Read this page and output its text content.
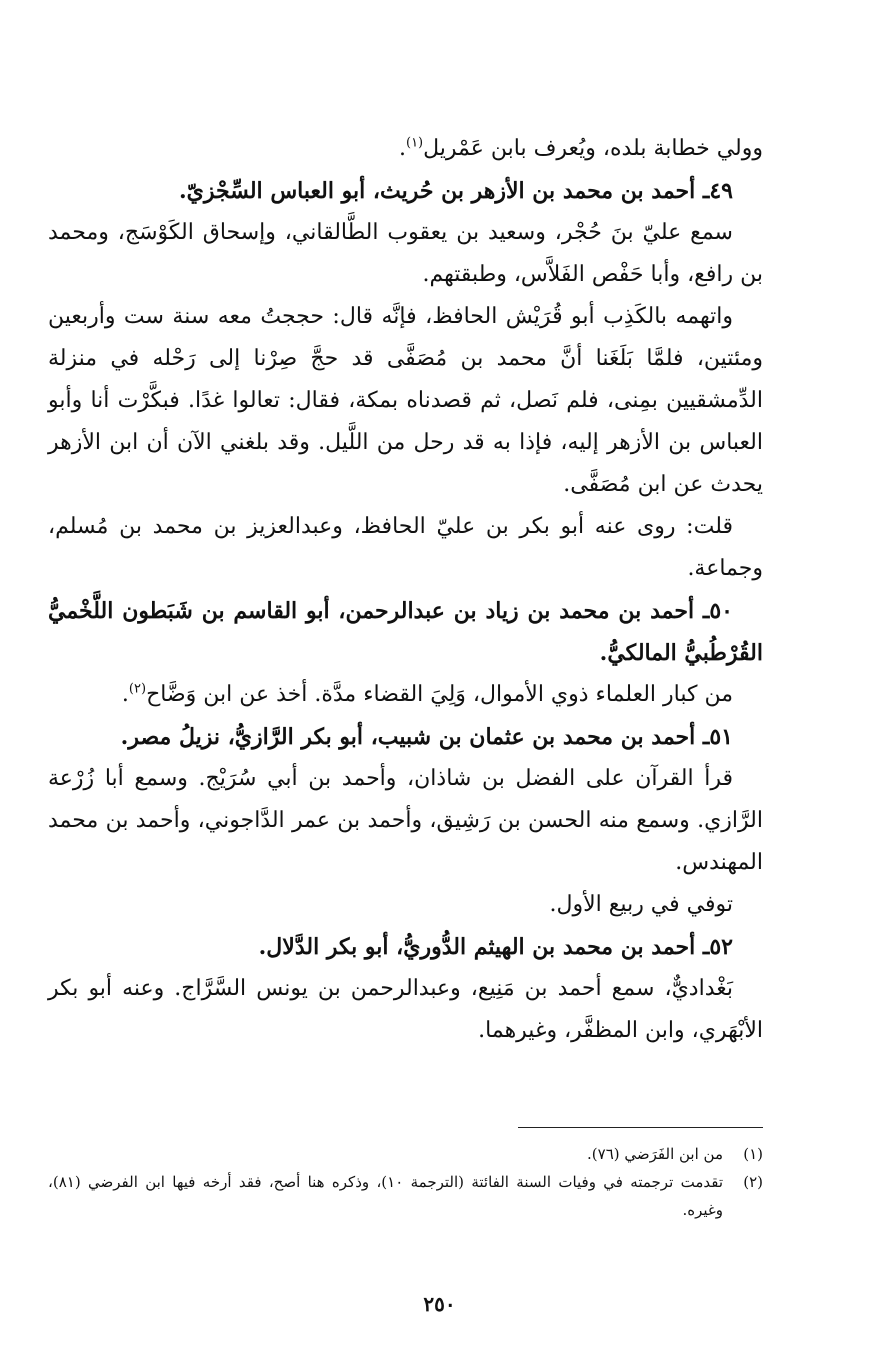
وولي خطابة بلده، ويُعرف بابن عَمْريل$^{(١)}$.

٤٩ـ أحمد بن محمد بن الأزهر بن حُريث، أبو العباس السِّجْزيّ.

سمع عليّ بنَ حُجْر، وسعيد بن يعقوب الطَّالقاني، وإسحاق الكَوْسَج، ومحمد بن رافع، وأبا حَفْص الفَلاَّس، وطبقتهم.

واتهمه بالكَذِب أبو قُرَيْش الحافظ، فإنَّه قال: حججتُ معه سنة ست وأربعين ومئتين، فلمَّا بَلَغَنا أنَّ محمد بن مُصَفَّى قد حجَّ صِرْنا إلى رَحْله في منزلة الدِّمشقيين بمِنى، فلم نَصل، ثم قصدناه بمكة، فقال: تعالوا غدًا. فبكَّرْت أنا وأبو العباس بن الأزهر إليه، فإذا به قد رحل من اللَّيل. وقد بلغني الآن أن ابن الأزهر يحدث عن ابن مُصَفَّى.

قلت: روى عنه أبو بكر بن عليّ الحافظ، وعبدالعزيز بن محمد بن مُسلم، وجماعة.

٥٠ـ أحمد بن محمد بن زياد بن عبدالرحمن، أبو القاسم بن شَبَطون اللَّخْميُّ القُرْطُبيُّ المالكيُّ.

من كبار العلماء ذوي الأموال، وَلِيَ القضاء مدَّة. أخذ عن ابن وَضَّاح$^{(٢)}$.

٥١ـ أحمد بن محمد بن عثمان بن شبيب، أبو بكر الرَّازيُّ، نزيلُ مصر.

قرأ القرآن على الفضل بن شاذان، وأحمد بن أبي سُرَيْج. وسمع أبا زُرْعة الرَّازي. وسمع منه الحسن بن رَشِيق، وأحمد بن عمر الدَّاجوني، وأحمد بن محمد المهندس.

توفي في ربيع الأول.

٥٢ـ أحمد بن محمد بن الهيثم الدُّوريُّ، أبو بكر الدَّلال.

بَغْداديٌّ، سمع أحمد بن مَنِيع، وعبدالرحمن بن يونس السَّرَّاج. وعنه أبو بكر الأبْهَري، وابن المظفَّر، وغيرهما.

(١)
من ابن الفَرَضي (٧٦).
(٢)
تقدمت ترجمته في وفيات السنة الفائتة (الترجمة ١٠)، وذكره هنا أصح، فقد أرخه فيها ابن الفرضي (٨١)، وغيره.
٢٥٠
